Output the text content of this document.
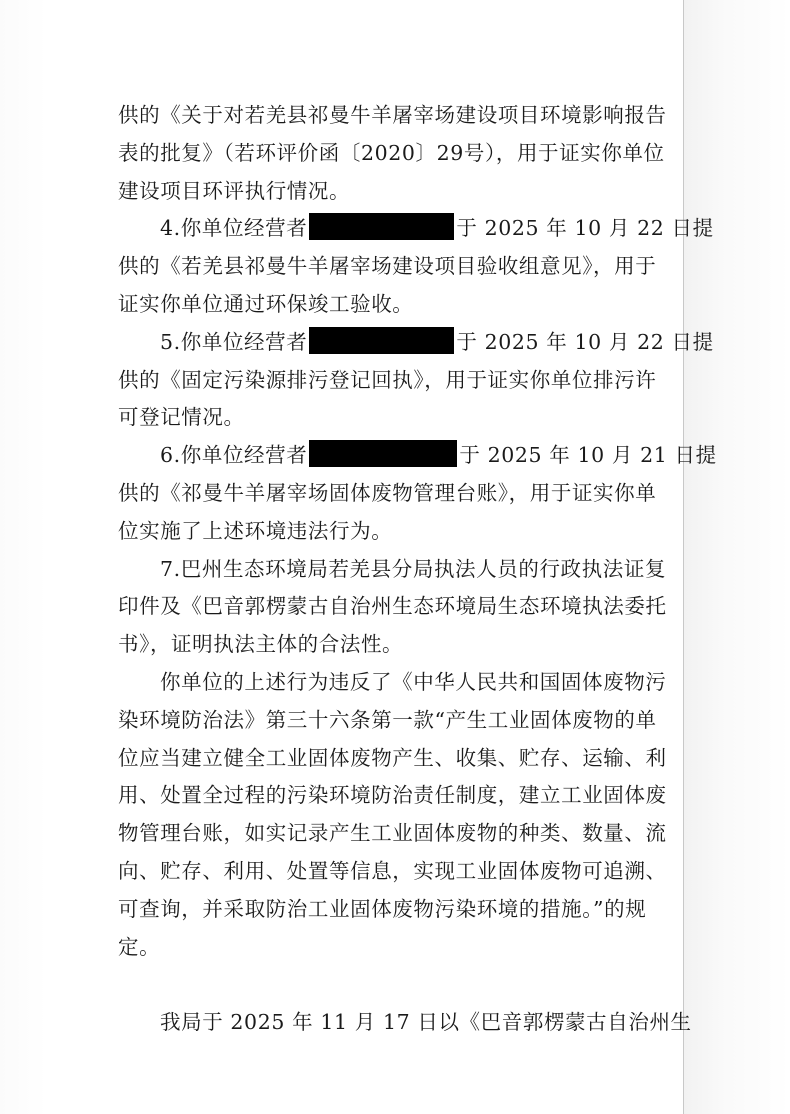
供的《关于对若羌县祁曼牛羊屠宰场建设项目环境影响报告
表的批复》（若环评价函〔2020〕29号），用于证实你单位
建设项目环评执行情况。
4.你单位经营者	于 2025 年 10 月 22 日提
供的《若羌县祁曼牛羊屠宰场建设项目验收组意见》，用于
证实你单位通过环保竣工验收。
5.你单位经营者	于 2025 年 10 月 22 日提
供的《固定污染源排污登记回执》，用于证实你单位排污许
可登记情况。
6.你单位经营者	于 2025 年 10 月 21 日提
供的《祁曼牛羊屠宰场固体废物管理台账》，用于证实你单
位实施了上述环境违法行为。
7.巴州生态环境局若羌县分局执法人员的行政执法证复
印件及《巴音郭楞蒙古自治州生态环境局生态环境执法委托
书》，证明执法主体的合法性。
你单位的上述行为违反了《中华人民共和国固体废物污
染环境防治法》第三十六条第一款“产生工业固体废物的单
位应当建立健全工业固体废物产生、收集、贮存、运输、利
用、处置全过程的污染环境防治责任制度，建立工业固体废
物管理台账，如实记录产生工业固体废物的种类、数量、流
向、贮存、利用、处置等信息，实现工业固体废物可追溯、
可查询，并采取防治工业固体废物污染环境的措施。”的规
定。
我局于 2025 年 11 月 17 日以《巴音郭楞蒙古自治州生
